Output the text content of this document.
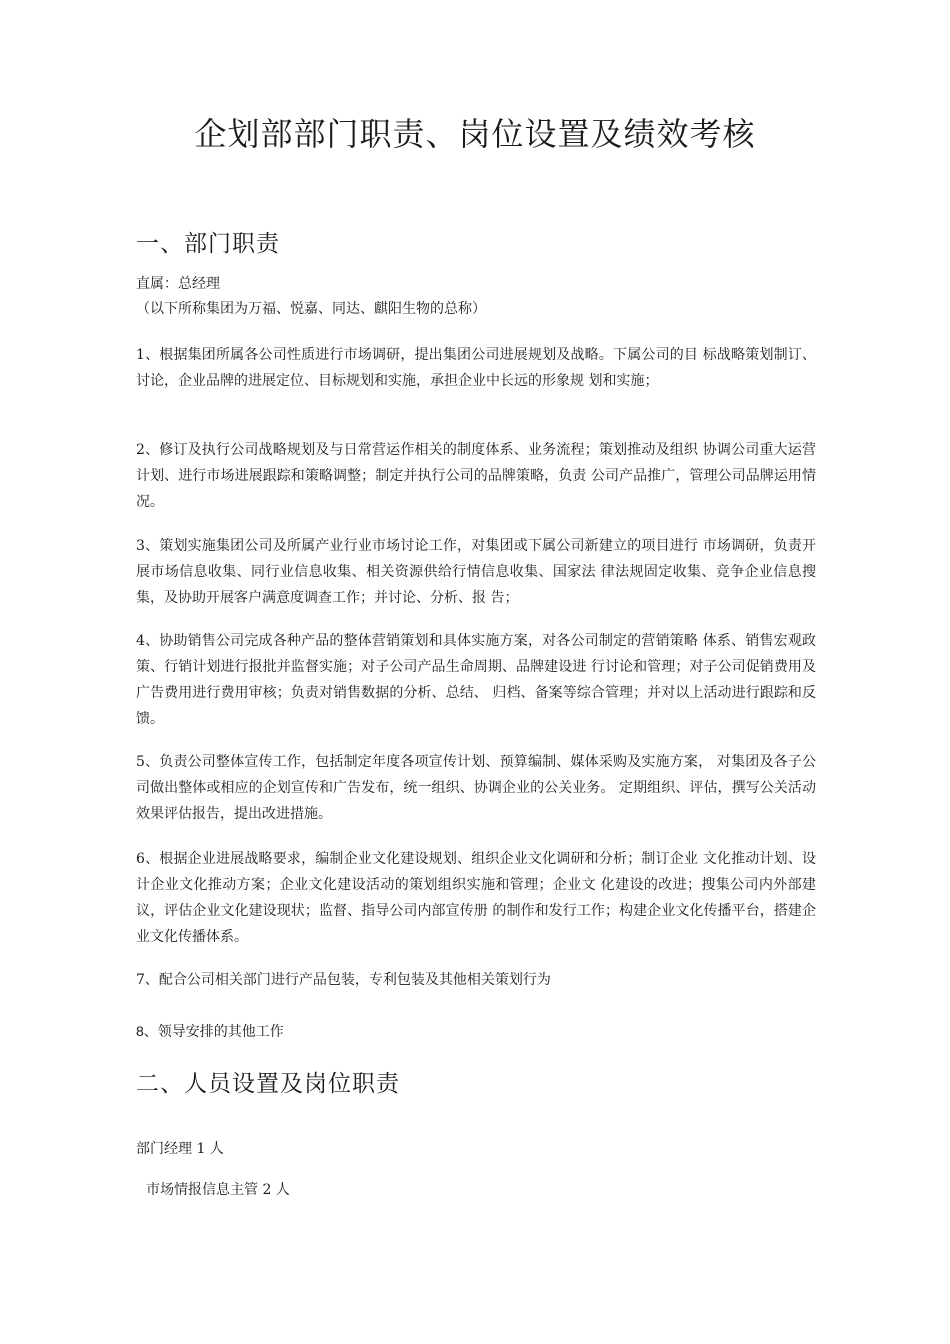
企划部部门职责、岗位设置及绩效考核
一、部门职责
直属：总经理
（以下所称集团为万福、悦嘉、同达、麒阳生物的总称）
1、根据集团所属各公司性质进行市场调研，提出集团公司进展规划及战略。下属公司的目 标战略策划制订、讨论，企业品牌的进展定位、目标规划和实施，承担企业中长远的形象规 划和实施；
2、修订及执行公司战略规划及与日常营运作相关的制度体系、业务流程；策划推动及组织 协调公司重大运营计划、进行市场进展跟踪和策略调整；制定并执行公司的品牌策略，负责 公司产品推广，管理公司品牌运用情况。
3、策划实施集团公司及所属产业行业市场讨论工作，对集团或下属公司新建立的项目进行 市场调研，负责开展市场信息收集、同行业信息收集、相关资源供给行情信息收集、国家法 律法规固定收集、竞争企业信息搜集，及协助开展客户满意度调查工作；并讨论、分析、报 告；
4、协助销售公司完成各种产品的整体营销策划和具体实施方案，对各公司制定的营销策略 体系、销售宏观政策、行销计划进行报批并监督实施；对子公司产品生命周期、品牌建设进 行讨论和管理；对子公司促销费用及广告费用进行费用审核；负责对销售数据的分析、总结、 归档、备案等综合管理；并对以上活动进行跟踪和反馈。
5、负责公司整体宣传工作，包括制定年度各项宣传计划、预算编制、媒体采购及实施方案， 对集团及各子公司做出整体或相应的企划宣传和广告发布，统一组织、协调企业的公关业务。 定期组织、评估，撰写公关活动效果评估报告，提出改进措施。
6、根据企业进展战略要求，编制企业文化建设规划、组织企业文化调研和分析；制订企业 文化推动计划、设计企业文化推动方案；企业文化建设活动的策划组织实施和管理；企业文 化建设的改进；搜集公司内外部建议，评估企业文化建设现状；监督、指导公司内部宣传册 的制作和发行工作；构建企业文化传播平台，搭建企业文化传播体系。
7、配合公司相关部门进行产品包装，专利包装及其他相关策划行为
8、领导安排的其他工作
二、人员设置及岗位职责
部门经理 1 人
市场情报信息主管 2 人
